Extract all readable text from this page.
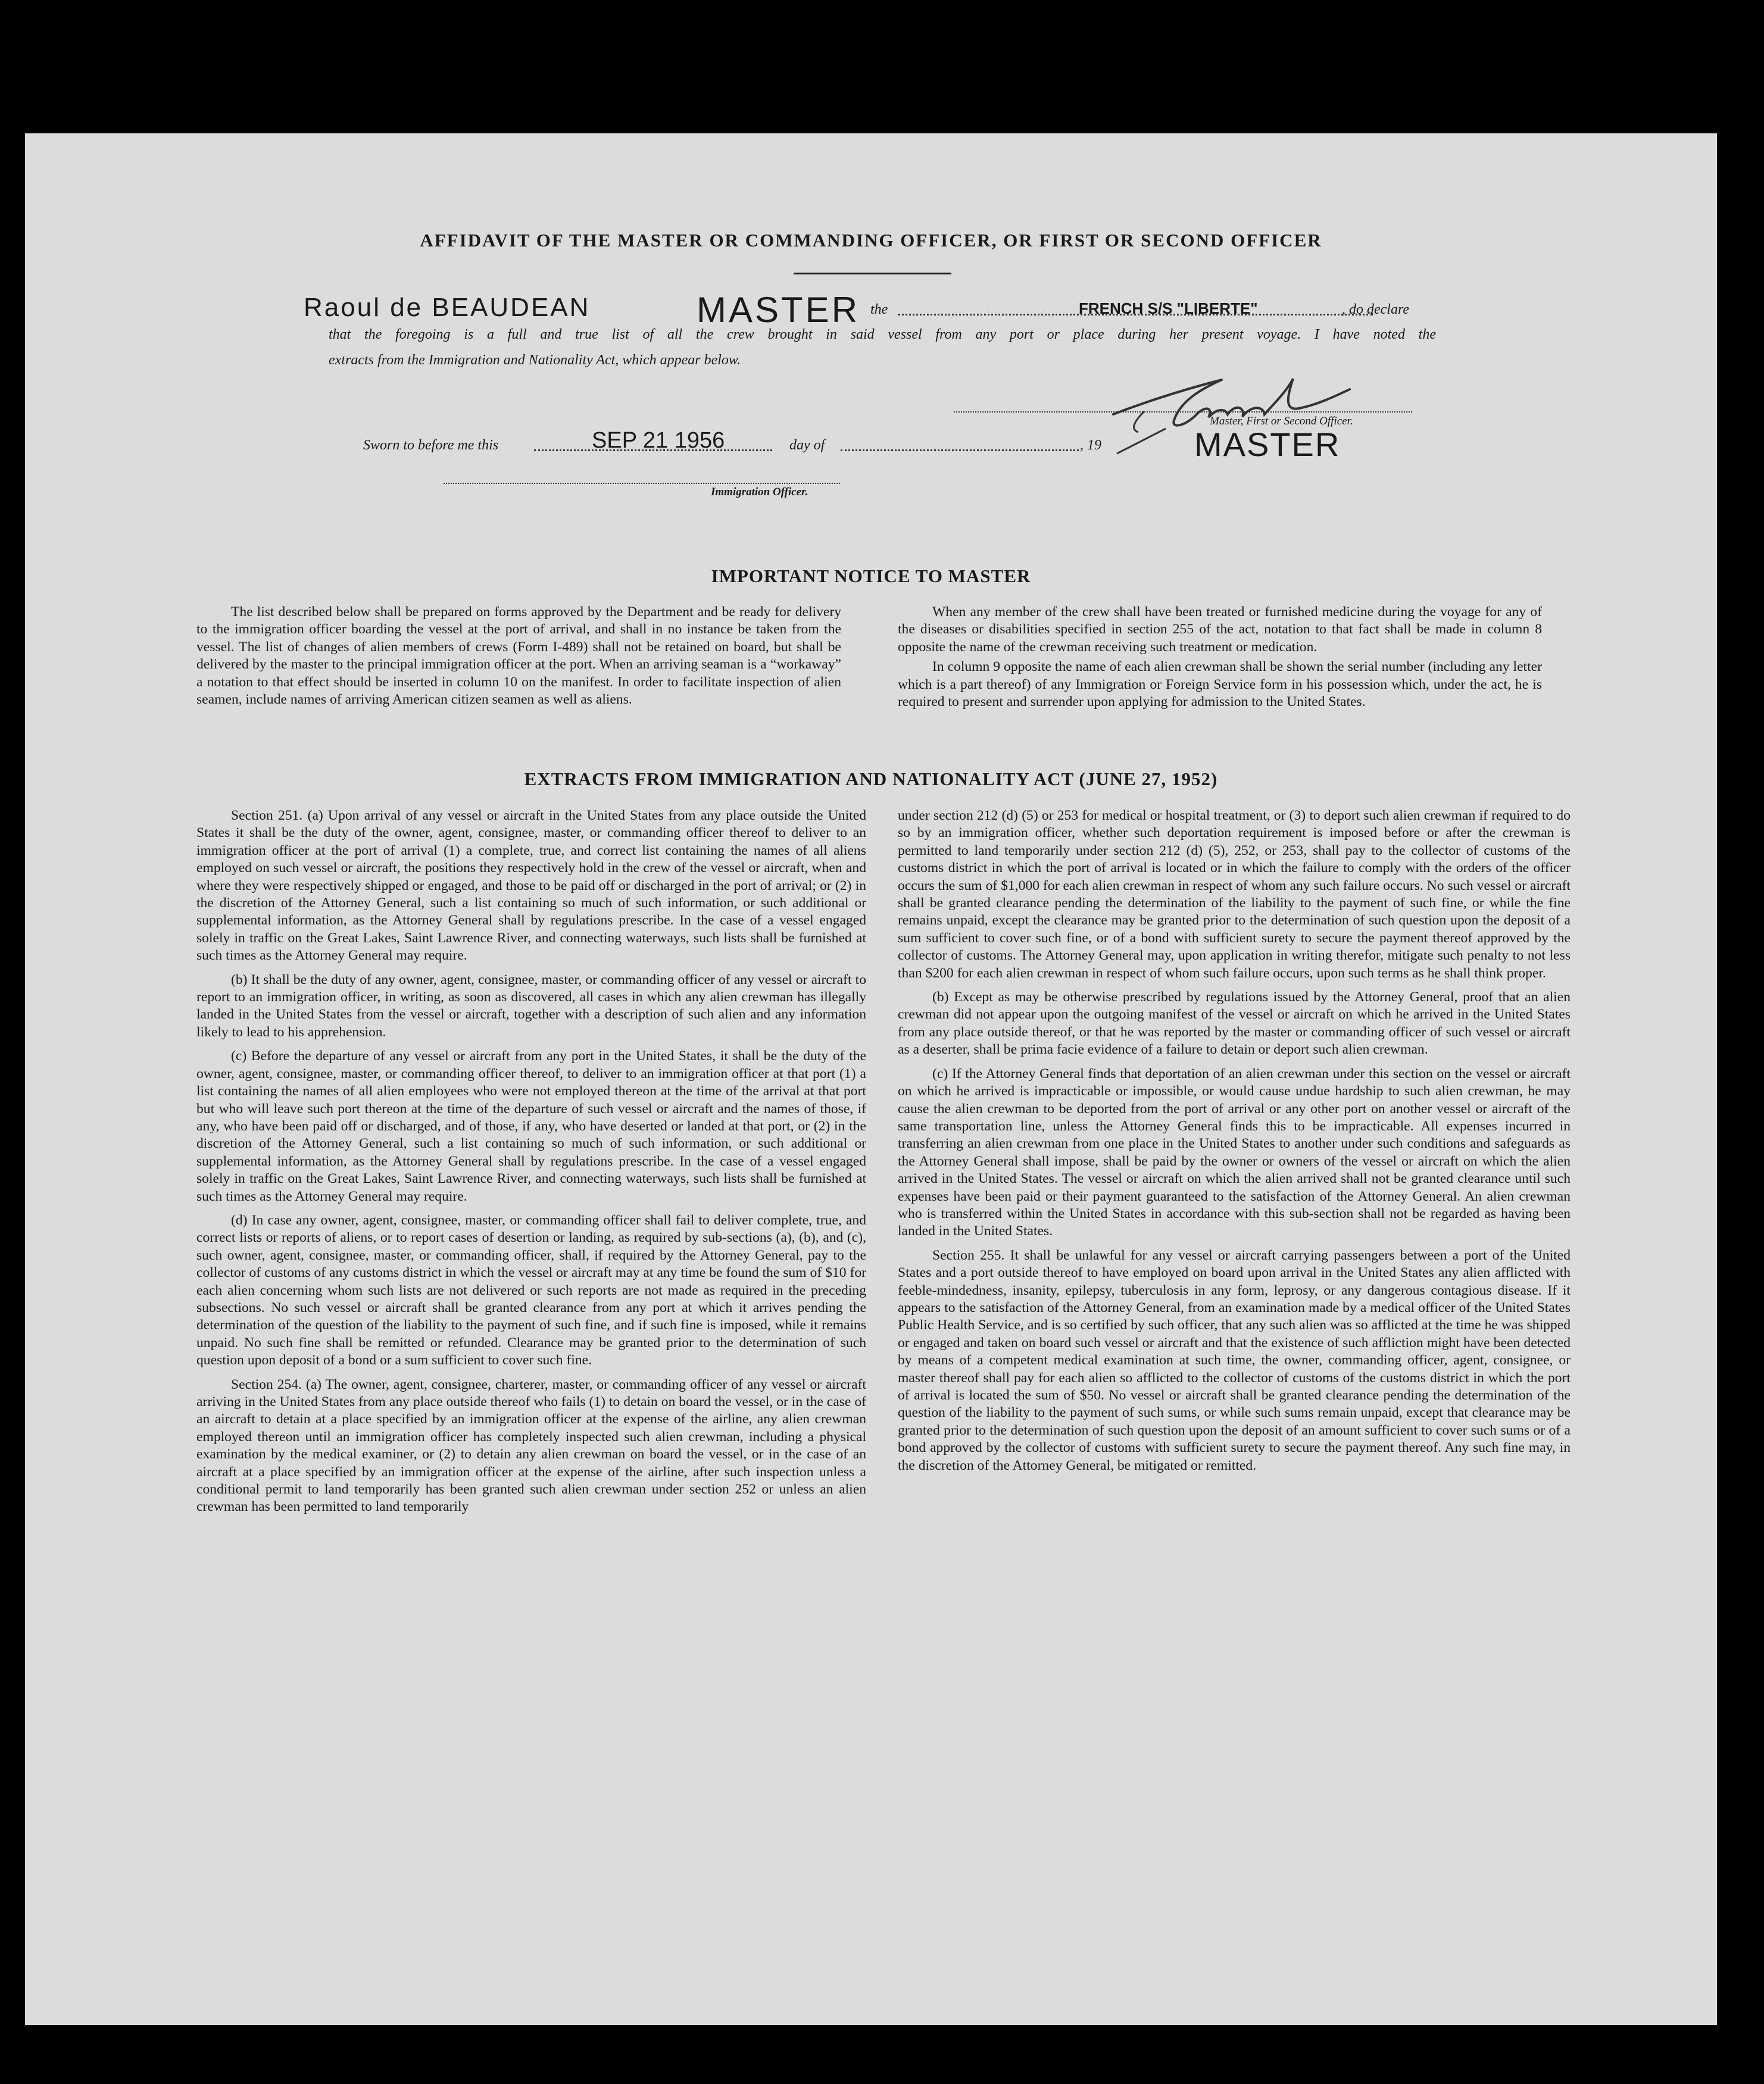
AFFIDAVIT OF THE MASTER OR COMMANDING OFFICER, OR FIRST OR SECOND OFFICER
Raoul de BEAUDEAN	MASTER the	FRENCH S/S "LIBERTE"	, do declare
that the foregoing is a full and true list of all the crew brought in said vessel from any port or place during her present voyage. I have noted the
extracts from the Immigration and Nationality Act, which appear below.
Master, First or Second Officer.
MASTER
Sworn to before me this	SEP 21 1956	day of	, 19
Immigration Officer.
IMPORTANT NOTICE TO MASTER

The list described below shall be prepared on forms approved by the Department and be ready for delivery to the immigration officer boarding the vessel at the port of arrival, and shall in no instance be taken from the vessel. The list of changes of alien members of crews (Form I-489) shall not be retained on board, but shall be delivered by the master to the principal immigration officer at the port. When an arriving seaman is a “workaway” a notation to that effect should be inserted in column 10 on the manifest. In order to facilitate inspection of alien seamen, include names of arriving American citizen seamen as well as aliens.

When any member of the crew shall have been treated or furnished medicine during the voyage for any of the diseases or disabilities specified in section 255 of the act, notation to that fact shall be made in column 8 opposite the name of the crewman receiving such treatment or medication.

In column 9 opposite the name of each alien crewman shall be shown the serial number (including any letter which is a part thereof) of any Immigration or Foreign Service form in his possession which, under the act, he is required to present and surrender upon applying for admission to the United States.

EXTRACTS FROM IMMIGRATION AND NATIONALITY ACT (JUNE 27, 1952)

Section 251. (a) Upon arrival of any vessel or aircraft in the United States from any place outside the United States it shall be the duty of the owner, agent, consignee, master, or commanding officer thereof to deliver to an immigration officer at the port of arrival (1) a complete, true, and correct list containing the names of all aliens employed on such vessel or aircraft, the positions they respectively hold in the crew of the vessel or aircraft, when and where they were respectively shipped or engaged, and those to be paid off or discharged in the port of arrival; or (2) in the discretion of the Attorney General, such a list containing so much of such information, or such additional or supplemental information, as the Attorney General shall by regulations prescribe. In the case of a vessel engaged solely in traffic on the Great Lakes, Saint Lawrence River, and connecting waterways, such lists shall be furnished at such times as the Attorney General may require.

(b) It shall be the duty of any owner, agent, consignee, master, or commanding officer of any vessel or aircraft to report to an immigration officer, in writing, as soon as discovered, all cases in which any alien crewman has illegally landed in the United States from the vessel or aircraft, together with a description of such alien and any information likely to lead to his apprehension.

(c) Before the departure of any vessel or aircraft from any port in the United States, it shall be the duty of the owner, agent, consignee, master, or commanding officer thereof, to deliver to an immigration officer at that port (1) a list containing the names of all alien employees who were not employed thereon at the time of the arrival at that port but who will leave such port thereon at the time of the departure of such vessel or aircraft and the names of those, if any, who have been paid off or discharged, and of those, if any, who have deserted or landed at that port, or (2) in the discretion of the Attorney General, such a list containing so much of such information, or such additional or supplemental information, as the Attorney General shall by regulations prescribe. In the case of a vessel engaged solely in traffic on the Great Lakes, Saint Lawrence River, and connecting waterways, such lists shall be furnished at such times as the Attorney General may require.

(d) In case any owner, agent, consignee, master, or commanding officer shall fail to deliver complete, true, and correct lists or reports of aliens, or to report cases of desertion or landing, as required by sub-sections (a), (b), and (c), such owner, agent, consignee, master, or commanding officer, shall, if required by the Attorney General, pay to the collector of customs of any customs district in which the vessel or aircraft may at any time be found the sum of $10 for each alien concerning whom such lists are not delivered or such reports are not made as required in the preceding subsections. No such vessel or aircraft shall be granted clearance from any port at which it arrives pending the determination of the question of the liability to the payment of such fine, and if such fine is imposed, while it remains unpaid. No such fine shall be remitted or refunded. Clearance may be granted prior to the determination of such question upon deposit of a bond or a sum sufficient to cover such fine.

Section 254. (a) The owner, agent, consignee, charterer, master, or commanding officer of any vessel or aircraft arriving in the United States from any place outside thereof who fails (1) to detain on board the vessel, or in the case of an aircraft to detain at a place specified by an immigration officer at the expense of the airline, any alien crewman employed thereon until an immigration officer has completely inspected such alien crewman, including a physical examination by the medical examiner, or (2) to detain any alien crewman on board the vessel, or in the case of an aircraft at a place specified by an immigration officer at the expense of the airline, after such inspection unless a conditional permit to land temporarily has been granted such alien crewman under section 252 or unless an alien crewman has been permitted to land temporarily

under section 212 (d) (5) or 253 for medical or hospital treatment, or (3) to deport such alien crewman if required to do so by an immigration officer, whether such deportation requirement is imposed before or after the crewman is permitted to land temporarily under section 212 (d) (5), 252, or 253, shall pay to the collector of customs of the customs district in which the port of arrival is located or in which the failure to comply with the orders of the officer occurs the sum of $1,000 for each alien crewman in respect of whom any such failure occurs. No such vessel or aircraft shall be granted clearance pending the determination of the liability to the payment of such fine, or while the fine remains unpaid, except the clearance may be granted prior to the determination of such question upon the deposit of a sum sufficient to cover such fine, or of a bond with sufficient surety to secure the payment thereof approved by the collector of customs. The Attorney General may, upon application in writing therefor, mitigate such penalty to not less than $200 for each alien crewman in respect of whom such failure occurs, upon such terms as he shall think proper.

(b) Except as may be otherwise prescribed by regulations issued by the Attorney General, proof that an alien crewman did not appear upon the outgoing manifest of the vessel or aircraft on which he arrived in the United States from any place outside thereof, or that he was reported by the master or commanding officer of such vessel or aircraft as a deserter, shall be prima facie evidence of a failure to detain or deport such alien crewman.

(c) If the Attorney General finds that deportation of an alien crewman under this section on the vessel or aircraft on which he arrived is impracticable or impossible, or would cause undue hardship to such alien crewman, he may cause the alien crewman to be deported from the port of arrival or any other port on another vessel or aircraft of the same transportation line, unless the Attorney General finds this to be impracticable. All expenses incurred in transferring an alien crewman from one place in the United States to another under such conditions and safeguards as the Attorney General shall impose, shall be paid by the owner or owners of the vessel or aircraft on which the alien arrived in the United States. The vessel or aircraft on which the alien arrived shall not be granted clearance until such expenses have been paid or their payment guaranteed to the satisfaction of the Attorney General. An alien crewman who is transferred within the United States in accordance with this sub-section shall not be regarded as having been landed in the United States.

Section 255. It shall be unlawful for any vessel or aircraft carrying passengers between a port of the United States and a port outside thereof to have employed on board upon arrival in the United States any alien afflicted with feeble-mindedness, insanity, epilepsy, tuberculosis in any form, leprosy, or any dangerous contagious disease. If it appears to the satisfaction of the Attorney General, from an examination made by a medical officer of the United States Public Health Service, and is so certified by such officer, that any such alien was so afflicted at the time he was shipped or engaged and taken on board such vessel or aircraft and that the existence of such affliction might have been detected by means of a competent medical examination at such time, the owner, commanding officer, agent, consignee, or master thereof shall pay for each alien so afflicted to the collector of customs of the customs district in which the port of arrival is located the sum of $50. No vessel or aircraft shall be granted clearance pending the determination of the question of the liability to the payment of such sums, or while such sums remain unpaid, except that clearance may be granted prior to the determination of such question upon the deposit of an amount sufficient to cover such sums or of a bond approved by the collector of customs with sufficient surety to secure the payment thereof. Any such fine may, in the discretion of the Attorney General, be mitigated or remitted.
